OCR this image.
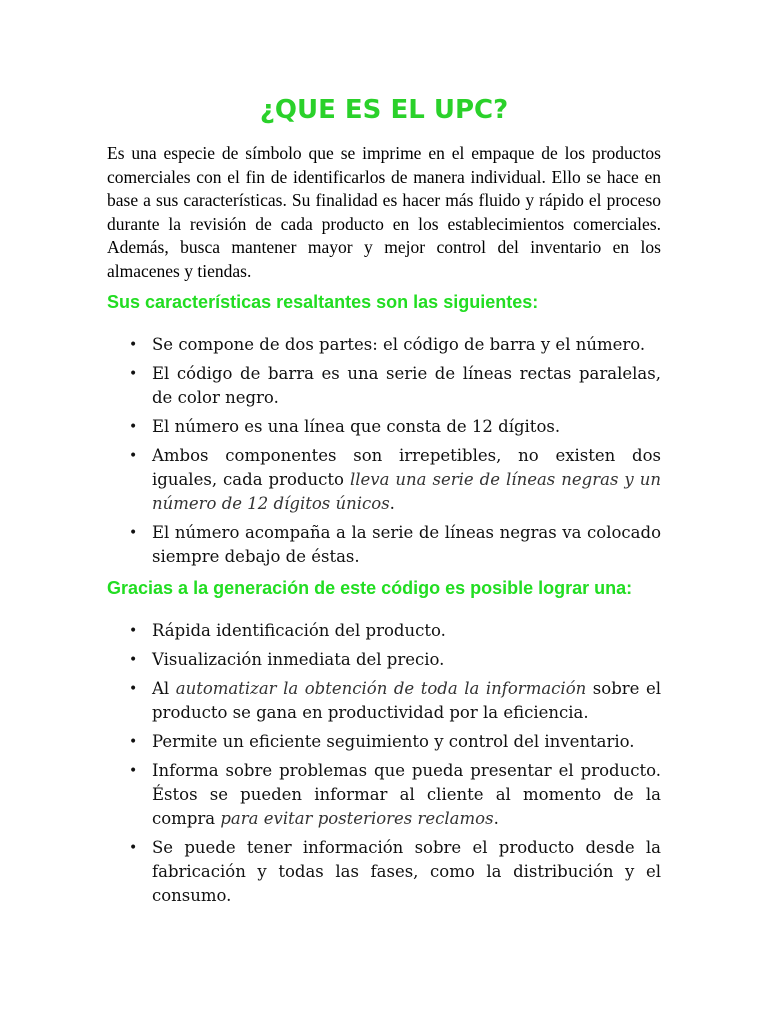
¿QUE ES EL UPC?

Es una especie de símbolo que se imprime en el empaque de los productos comerciales con el fin de identificarlos de manera individual. Ello se hace en base a sus características. Su finalidad es hacer más fluido y rápido el proceso durante la revisión de cada producto en los establecimientos comerciales. Además, busca mantener mayor y mejor control del inventario en los almacenes y tiendas.

Sus características resaltantes son las siguientes:

• Se compone de dos partes: el código de barra y el número.
• El código de barra es una serie de líneas rectas paralelas, de color negro.
• El número es una línea que consta de 12 dígitos.
• Ambos componentes son irrepetibles, no existen dos iguales, cada producto lleva una serie de líneas negras y un número de 12 dígitos únicos.
• El número acompaña a la serie de líneas negras va colocado siempre debajo de éstas.

Gracias a la generación de este código es posible lograr una:

• Rápida identificación del producto.
• Visualización inmediata del precio.
• Al automatizar la obtención de toda la información sobre el producto se gana en productividad por la eficiencia.
• Permite un eficiente seguimiento y control del inventario.
• Informa sobre problemas que pueda presentar el producto. Éstos se pueden informar al cliente al momento de la compra para evitar posteriores reclamos.
• Se puede tener información sobre el producto desde la fabricación y todas las fases, como la distribución y el consumo.
